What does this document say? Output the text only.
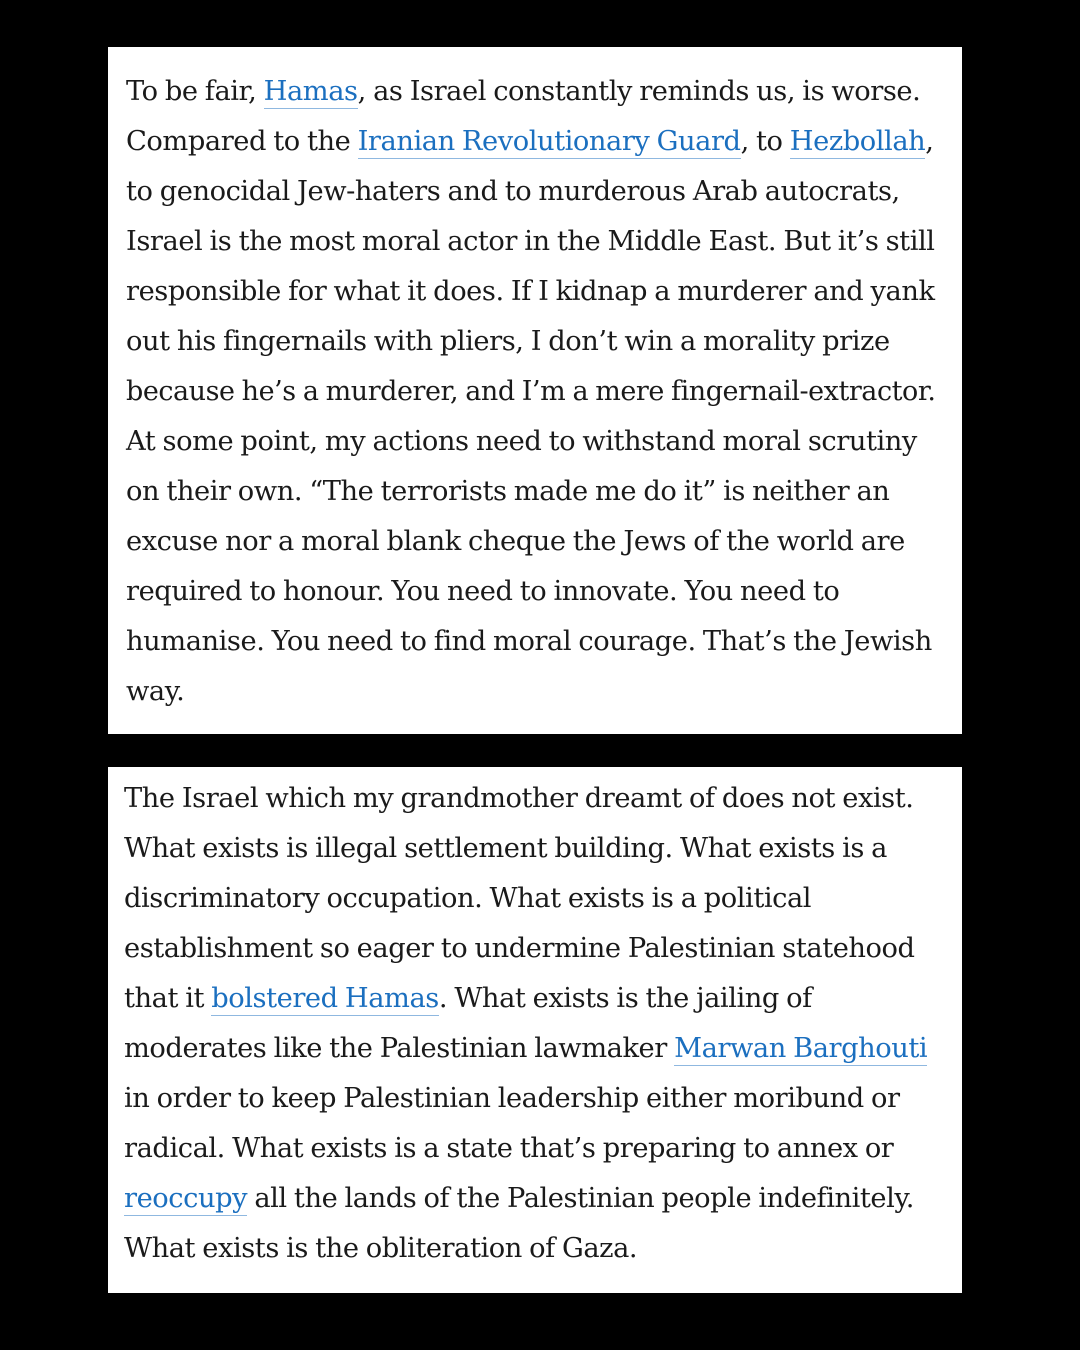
To be fair, Hamas, as Israel constantly reminds us, is worse.
Compared to the Iranian Revolutionary Guard, to Hezbollah,
to genocidal Jew-haters and to murderous Arab autocrats,
Israel is the most moral actor in the Middle East. But it’s still
responsible for what it does. If I kidnap a murderer and yank
out his fingernails with pliers, I don’t win a morality prize
because he’s a murderer, and I’m a mere fingernail-extractor.
At some point, my actions need to withstand moral scrutiny
on their own. “The terrorists made me do it” is neither an
excuse nor a moral blank cheque the Jews of the world are
required to honour. You need to innovate. You need to
humanise. You need to find moral courage. That’s the Jewish
way.
The Israel which my grandmother dreamt of does not exist.
What exists is illegal settlement building. What exists is a
discriminatory occupation. What exists is a political
establishment so eager to undermine Palestinian statehood
that it bolstered Hamas. What exists is the jailing of
moderates like the Palestinian lawmaker Marwan Barghouti
in order to keep Palestinian leadership either moribund or
radical. What exists is a state that’s preparing to annex or
reoccupy all the lands of the Palestinian people indefinitely.
What exists is the obliteration of Gaza.
